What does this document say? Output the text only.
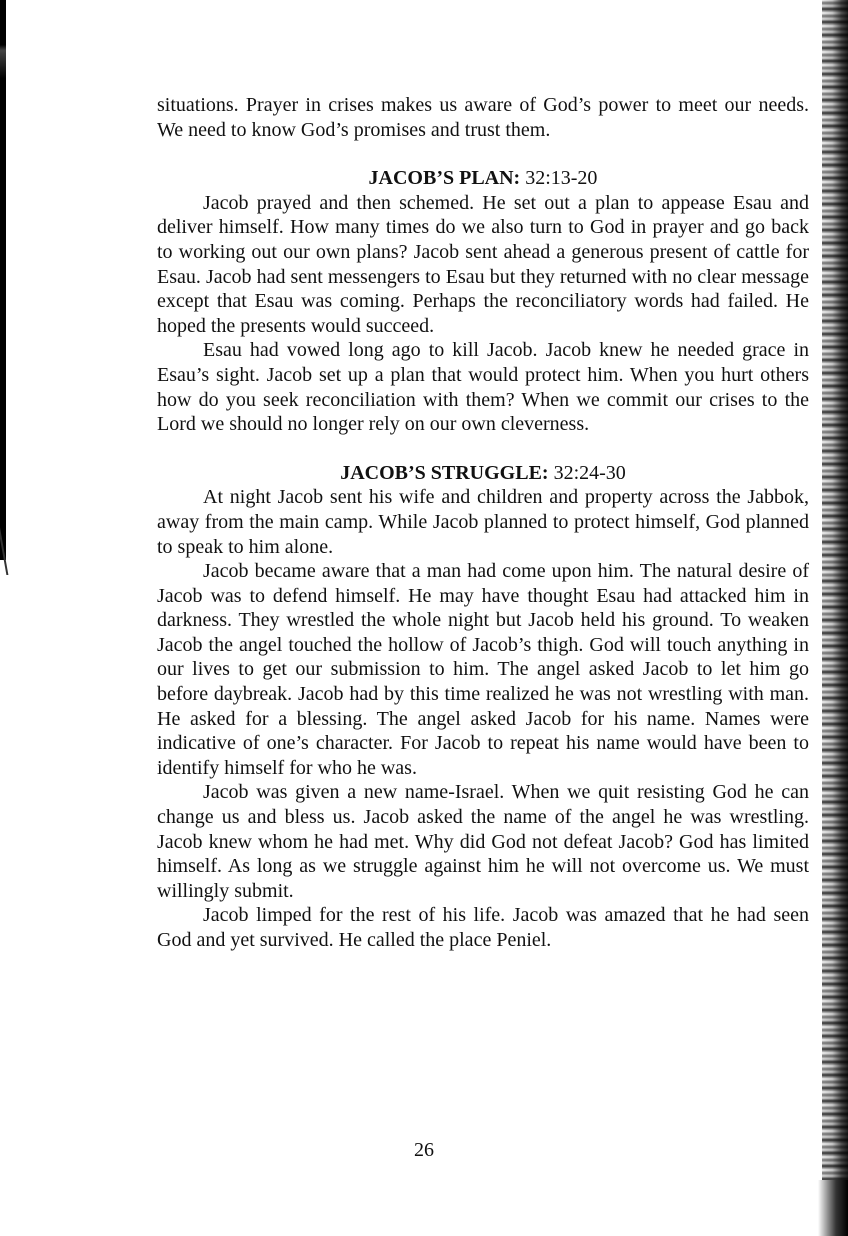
situations. Prayer in crises makes us aware of God’s power to meet our needs. We need to know God’s promises and trust them.

JACOB’S PLAN: 32:13-20

Jacob prayed and then schemed. He set out a plan to appease Esau and deliver himself. How many times do we also turn to God in prayer and go back to working out our own plans? Jacob sent ahead a generous present of cattle for Esau. Jacob had sent messengers to Esau but they returned with no clear message except that Esau was coming. Perhaps the reconciliatory words had failed. He hoped the presents would succeed.

Esau had vowed long ago to kill Jacob. Jacob knew he needed grace in Esau’s sight. Jacob set up a plan that would protect him. When you hurt others how do you seek reconciliation with them? When we commit our crises to the Lord we should no longer rely on our own cleverness.

JACOB’S STRUGGLE: 32:24-30

At night Jacob sent his wife and children and property across the Jabbok, away from the main camp. While Jacob planned to protect himself, God planned to speak to him alone.

Jacob became aware that a man had come upon him. The natural desire of Jacob was to defend himself. He may have thought Esau had attacked him in darkness. They wrestled the whole night but Jacob held his ground. To weaken Jacob the angel touched the hollow of Jacob’s thigh. God will touch anything in our lives to get our submission to him. The angel asked Jacob to let him go before daybreak. Jacob had by this time realized he was not wrestling with man. He asked for a blessing. The angel asked Jacob for his name. Names were indicative of one’s character. For Jacob to repeat his name would have been to identify himself for who he was.

Jacob was given a new name-Israel. When we quit resisting God he can change us and bless us. Jacob asked the name of the angel he was wrestling. Jacob knew whom he had met. Why did God not defeat Jacob? God has limited himself. As long as we struggle against him he will not overcome us. We must willingly submit.

Jacob limped for the rest of his life. Jacob was amazed that he had seen God and yet survived. He called the place Peniel.

26
